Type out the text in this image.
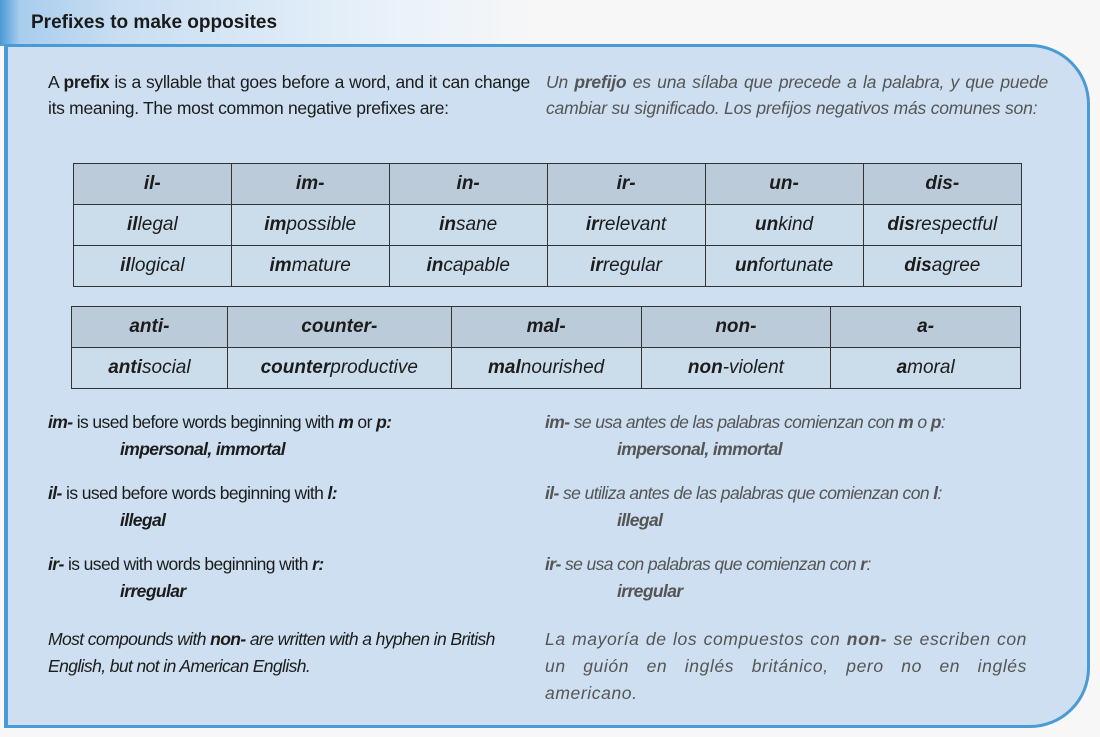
Prefixes to make opposites
A prefix is a syllable that goes before a word, and it can change its meaning. The most common negative prefixes are:
Un prefijo es una sílaba que precede a la palabra, y que puede cambiar su significado. Los prefijos negativos más comunes son:
il-	im-	in-	ir-	un-	dis-
illegal	impossible	insane	irrelevant	unkind	disrespectful
illogical	immature	incapable	irregular	unfortunate	disagree
anti-	counter-	mal-	non-	a-
antisocial	counterproductive	malnourished	non-violent	amoral
im- is used before words beginning with m or p:
impersonal, immortal
im- se usa antes de las palabras comienzan con m o p:
impersonal, immortal
il- is used before words beginning with l:
illegal
il- se utiliza antes de las palabras que comienzan con l:
illegal
ir- is used with words beginning with r:
irregular
ir- se usa con palabras que comienzan con r:
irregular
Most compounds with non- are written with a hyphen in British English, but not in American English.
La mayoría de los compuestos con non- se escriben con un guión en inglés británico, pero no en inglés americano.
